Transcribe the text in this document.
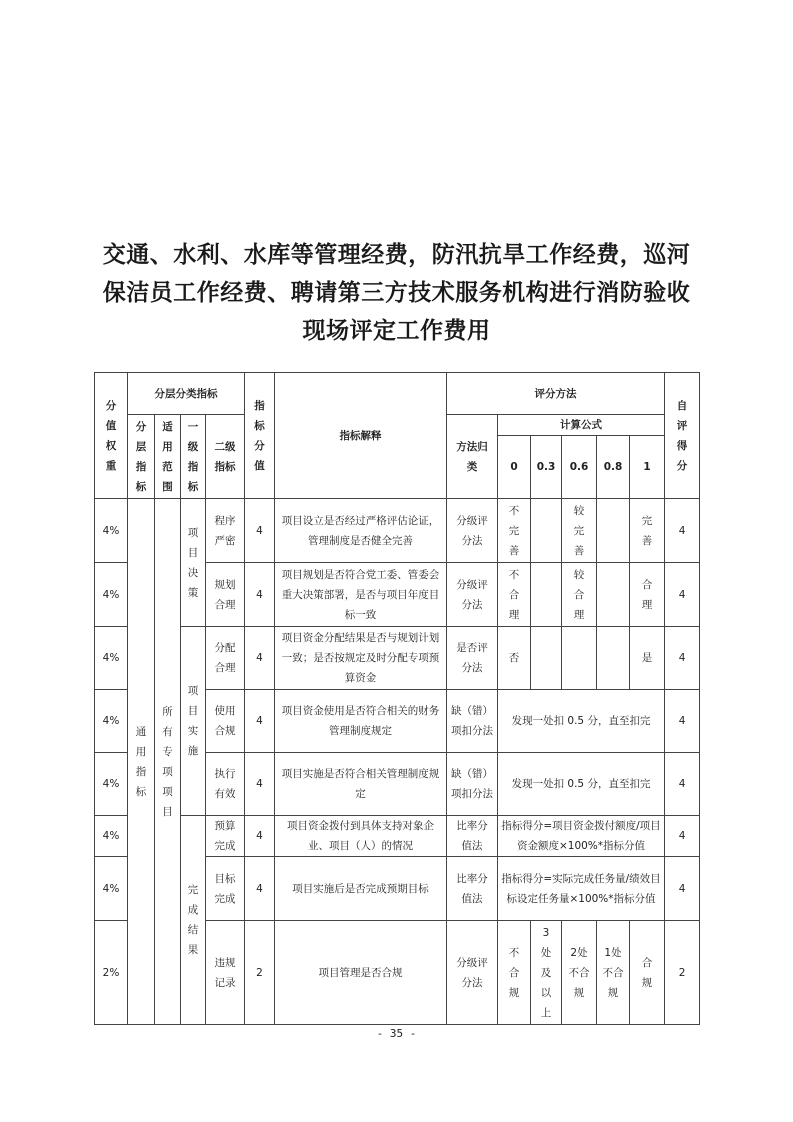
交通、水利、水库等管理经费，防汛抗旱工作经费，巡河保洁员工作经费、聘请第三方技术服务机构进行消防验收现场评定工作费用
分值权重	分层分类指标				指标分值	指标解释	评分方法						自评得分

	分层指标	适用范围	一级指标	二级指标			方法归类	计算公式					
								0	0.3	0.6	0.8	1	
4%	通用指标	所有专项项目	项目决策	程序严密	4	项目设立是否经过严格评估论证，管理制度是否健全完善	分级评分法	不完善		较完善		完善	4
4%				规划合理	4	项目规划是否符合党工委、管委会重大决策部署，是否与项目年度目标一致	分级评分法	不合理		较合理		合理	4
4%			项目实施	分配合理	4	项目资金分配结果是否与规划计划一致；是否按规定及时分配专项预算资金	是否评分法	否				是	4
4%				使用合规	4	项目资金使用是否符合相关的财务管理制度规定	缺（错）项扣分法	发现一处扣 0.5 分，直至扣完					4
4%				执行有效	4	项目实施是否符合相关管理制度规定	缺（错）项扣分法	发现一处扣 0.5 分，直至扣完					4
4%			完成结果	预算完成	4	项目资金拨付到具体支持对象企业、项目（人）的情况	比率分值法	指标得分=项目资金拨付额度/项目资金额度×100%*指标分值					4
4%				目标完成	4	项目实施后是否完成预期目标	比率分值法	指标得分=实际完成任务量/绩效目标设定任务量×100%*指标分值					4
2%				违规记录	2	项目管理是否合规	分级评分法	不合规	3处及以上	2处不合规	1处不合规	合规	2
- 35 -
